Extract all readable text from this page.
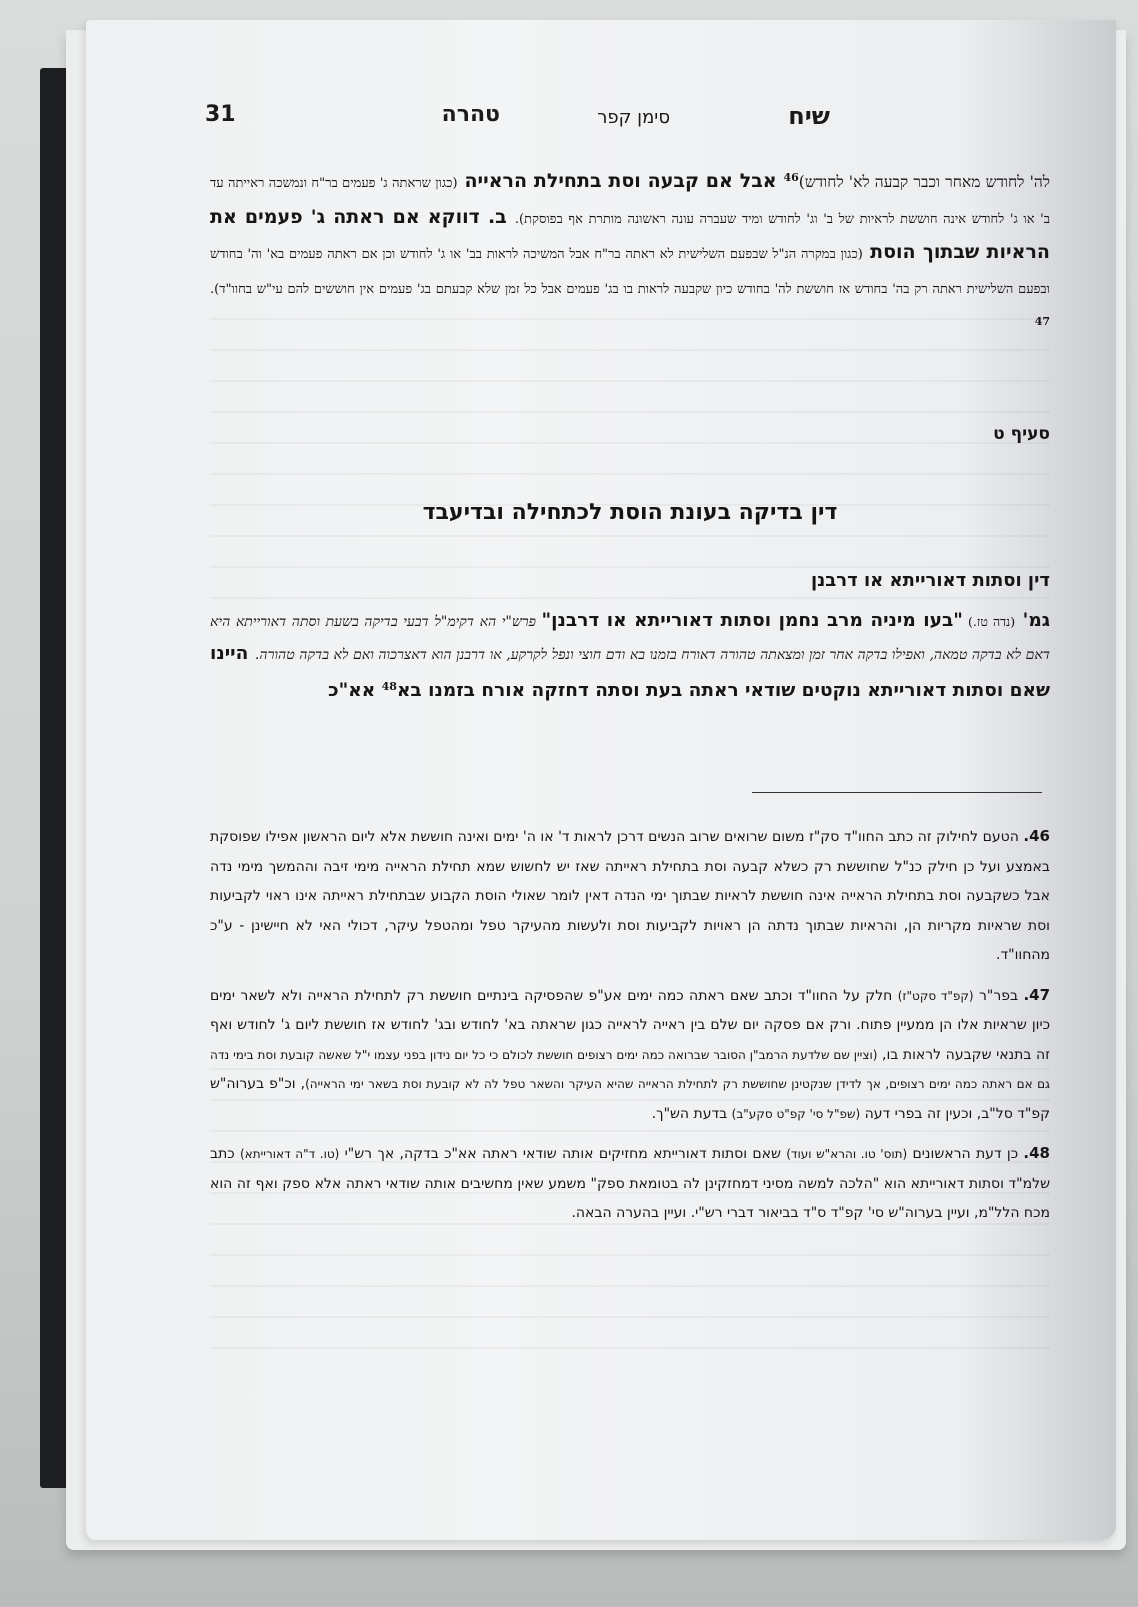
שיח
סימן קפר
טהרה
31
לה' לחודש מאחר וכבר קבעה לא' לחודש)$^{46}$ אבל אם קבעה וסת בתחילת הראייה (כגון שראתה ג' פעמים בר"ח ונמשכה ראייתה עד ב' או ג' לחודש אינה חוששת לראיות של ב' וג' לחודש ומיד שעברה עונה ראשונה מותרת אף בפוסקת). ב. דווקא אם ראתה ג' פעמים את הראיות שבתוך הוסת (כגון במקרה הנ"ל שבפעם השלישית לא ראתה בר"ח אבל המשיכה לראות בב' או ג' לחודש וכן אם ראתה פעמים בא' וה' בחודש ובפעם השלישית ראתה רק בה' בחודש אז חוששת לה' בחודש כיון שקבעה לראות בו בג' פעמים אבל כל זמן שלא קבעתם בג' פעמים אין חוששים להם עי"ש בחוו"ד). $^{47}$
סעיף ט
דין בדיקה בעונת הוסת לכתחילה ובדיעבד
דין וסתות דאורייתא או דרבנן
גמ' (נדה טז.) "בעו מיניה מרב נחמן וסתות דאורייתא או דרבנן" פרש"י הא דקימ"ל דבעי בדיקה בשעת וסתה דאורייתא היא דאם לא בדקה טמאה, ואפילו בדקה אחר זמן ומצאתה טהורה דאורח בזמנו בא ודם חוצי ונפל לקרקע, או דרבנן הוא דאצרכוה ואם לא בדקה טהורה. היינו שאם וסתות דאורייתא נוקטים שודאי ראתה בעת וסתה דחזקה אורח בזמנו בא$^{48}$ אא"כ
46. הטעם לחילוק זה כתב החוו"ד סק"ז משום שרואים שרוב הנשים דרכן לראות ד' או ה' ימים ואינה חוששת אלא ליום הראשון אפילו שפוסקת באמצע ועל כן חילק כנ"ל שחוששת רק כשלא קבעה וסת בתחילת ראייתה שאז יש לחשוש שמא תחילת הראייה מימי זיבה וההמשך מימי נדה אבל כשקבעה וסת בתחילת הראייה אינה חוששת לראיות שבתוך ימי הנדה דאין לומר שאולי הוסת הקבוע שבתחילת ראייתה אינו ראוי לקביעות וסת שראיות מקריות הן, והראיות שבתוך נדתה הן ראויות לקביעות וסת ולעשות מהעיקר טפל ומהטפל עיקר, דכולי האי לא חיישינן - ע"כ מהחוו"ד.
47. בפר"ר (קפ"ד סקט"ז) חלק על החוו"ד וכתב שאם ראתה כמה ימים אע"פ שהפסיקה בינתיים חוששת רק לתחילת הראייה ולא לשאר ימים כיון שראיות אלו הן ממעיין פתוח. ורק אם פסקה יום שלם בין ראייה לראייה כגון שראתה בא' לחודש ובג' לחודש אז חוששת ליום ג' לחודש ואף זה בתנאי שקבעה לראות בו, (וציין שם שלדעת הרמב"ן הסובר שברואה כמה ימים רצופים חוששת לכולם כי כל יום נידון בפני עצמו י"ל שאשה קובעת וסת בימי נדה גם אם ראתה כמה ימים רצופים, אך לדידן שנקטינן שחוששת רק לתחילת הראייה שהיא העיקר והשאר טפל לה לא קובעת וסת בשאר ימי הראייה), וכ"פ בערוה"ש קפ"ד סל"ב, וכעין זה בפרי דעה (שפ"ל סי' קפ"ט סקע"ב) בדעת הש"ך.
48. כן דעת הראשונים (תוס' טו. והרא"ש ועוד) שאם וסתות דאורייתא מחזיקים אותה שודאי ראתה אא"כ בדקה, אך רש"י (טו. ד"ה דאורייתא) כתב שלמ"ד וסתות דאורייתא הוא "הלכה למשה מסיני דמחזקינן לה בטומאת ספק" משמע שאין מחשיבים אותה שודאי ראתה אלא ספק ואף זה הוא מכח הלל"מ, ועיין בערוה"ש סי' קפ"ד ס"ד בביאור דברי רש"י. ועיין בהערה הבאה.
